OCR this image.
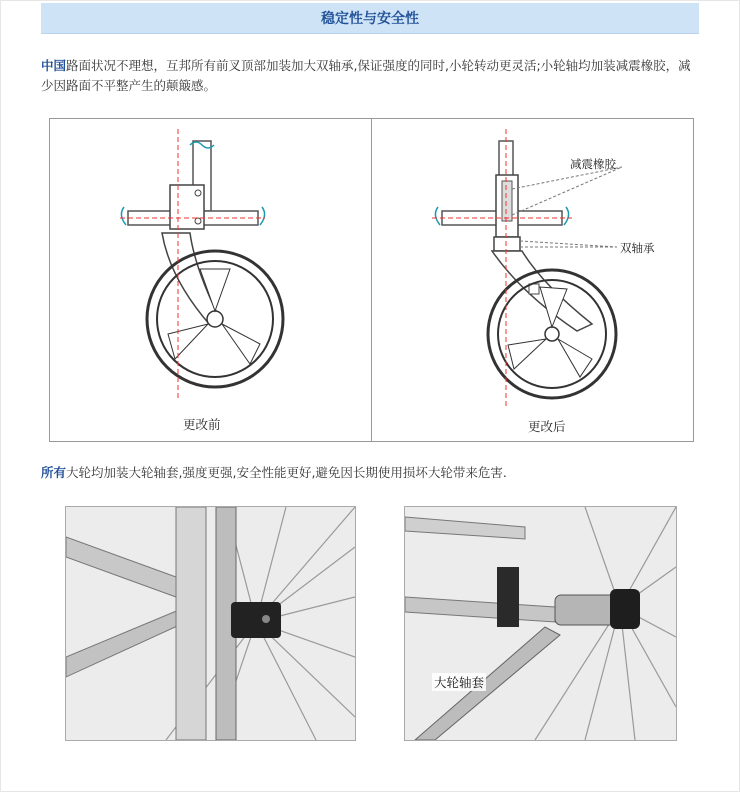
稳定性与安全性
中国路面状况不理想，互邦所有前叉顶部加装加大双轴承,保证强度的同时,小轮转动更灵活;小轮轴均加装减震橡胶，减少因路面不平整产生的颠簸感。
更改前
减震橡胶
双轴承
更改后
所有大轮均加装大轮轴套,强度更强,安全性能更好,避免因长期使用损坏大轮带来危害.
大轮轴套
